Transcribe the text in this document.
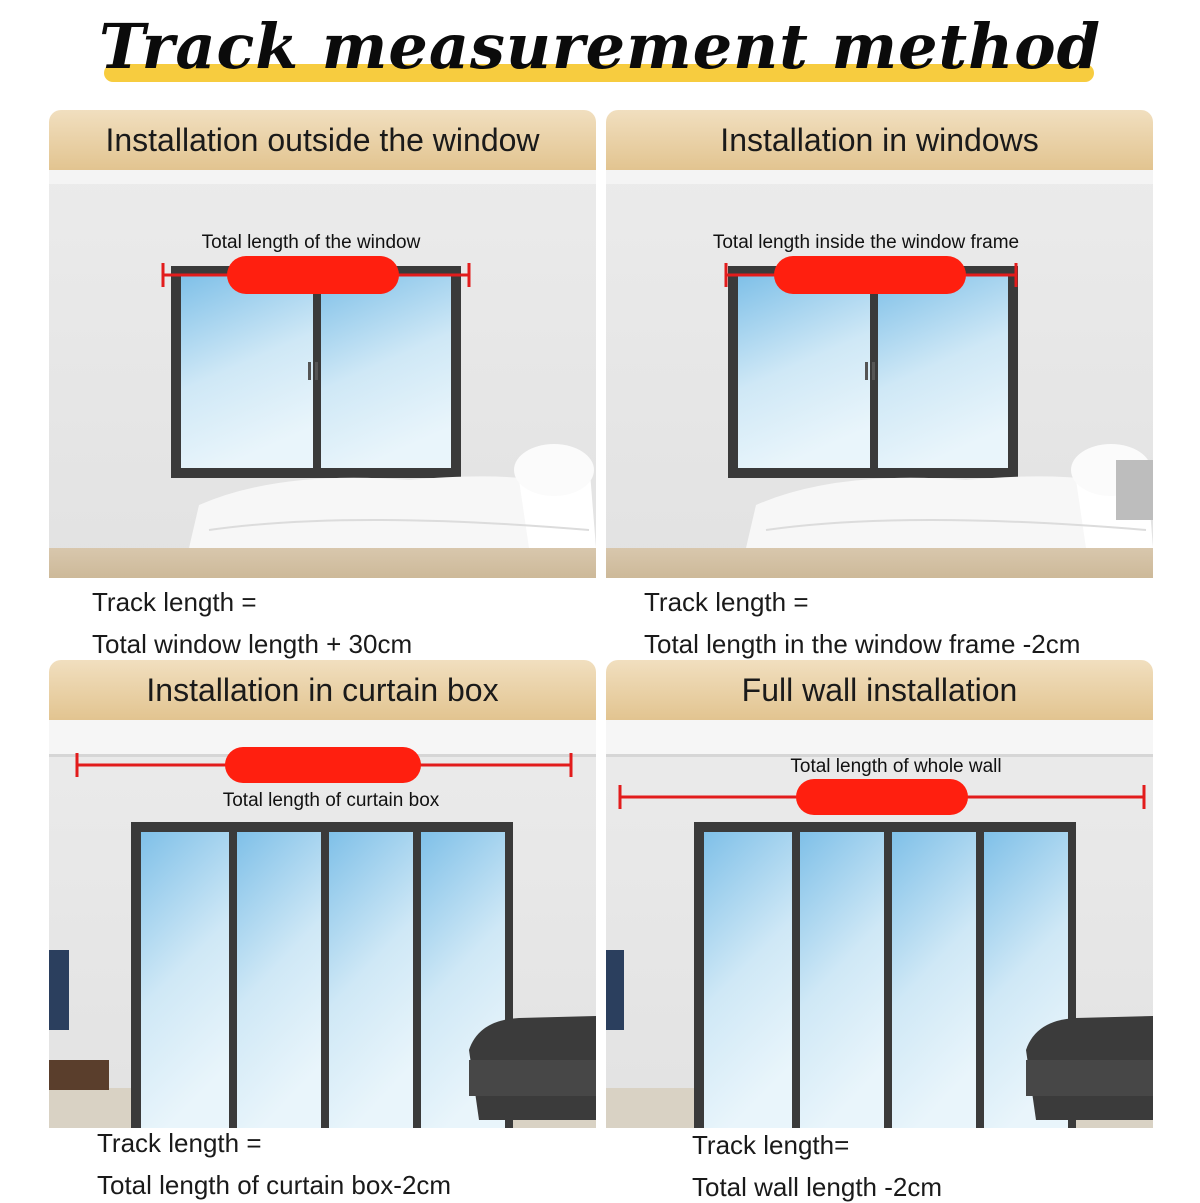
Track measurement method
Installation outside the window
Total length of the window
Track length =
Total window length + 30cm
Installation in windows
Total length inside the window frame
Track length =
Total length in the window frame -2cm
Installation in curtain box
Total length of curtain box
Track length =
Total length of curtain box-2cm
Full wall installation
Total length of whole wall
Track length=
Total wall length -2cm
